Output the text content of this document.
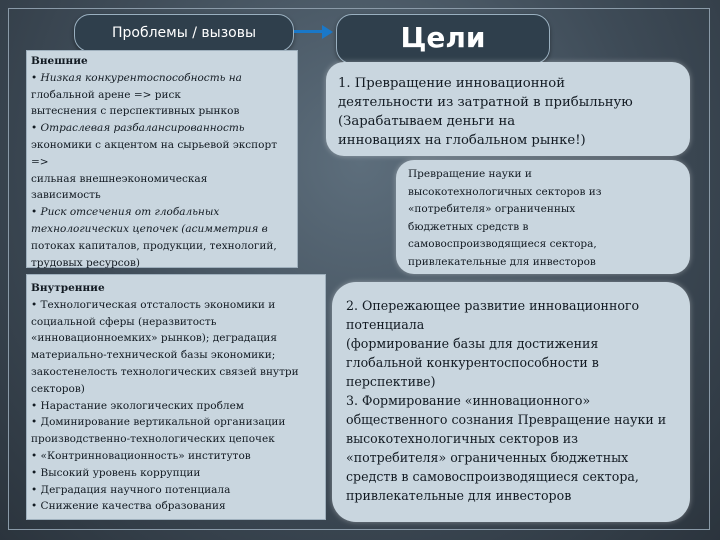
Проблемы / вызовы	Цели
Внешние
• Низкая конкурентоспособность на
глобальной арене => риск
вытеснения с перспективных рынков
• Отраслевая разбалансированность
экономики с акцентом на сырьевой экспорт =>
сильная внешнеэкономическая
зависимость
• Риск отсечения от глобальных
технологических цепочек (асимметрия в
потоках капиталов, продукции, технологий,
трудовых ресурсов)
Внутренние
• Технологическая отсталость экономики и
социальной сферы (неразвитость
«инновационноемких» рынков); деградация
материально-технической базы экономики;
закостенелость технологических связей внутри
секторов)
• Нарастание экологических проблем
• Доминирование вертикальной организации
производственно-технологических цепочек
• «Контринновационность» институтов
• Высокий уровень коррупции
• Деградация научного потенциала
• Снижение качества образования
1. Превращение инновационной
деятельности из затратной в прибыльную
(Зарабатываем деньги на
инновациях на глобальном рынке!)
Превращение науки и
высокотехнологичных секторов из
«потребителя» ограниченных
бюджетных средств в
самовоспроизводящиеся сектора,
привлекательные для инвесторов
2. Опережающее развитие инновационного
потенциала
(формирование базы для достижения
глобальной конкурентоспособности в
перспективе)
3. Формирование «инновационного»
общественного сознания Превращение науки и
высокотехнологичных секторов из
«потребителя» ограниченных бюджетных
средств в самовоспроизводящиеся сектора,
привлекательные для инвесторов
